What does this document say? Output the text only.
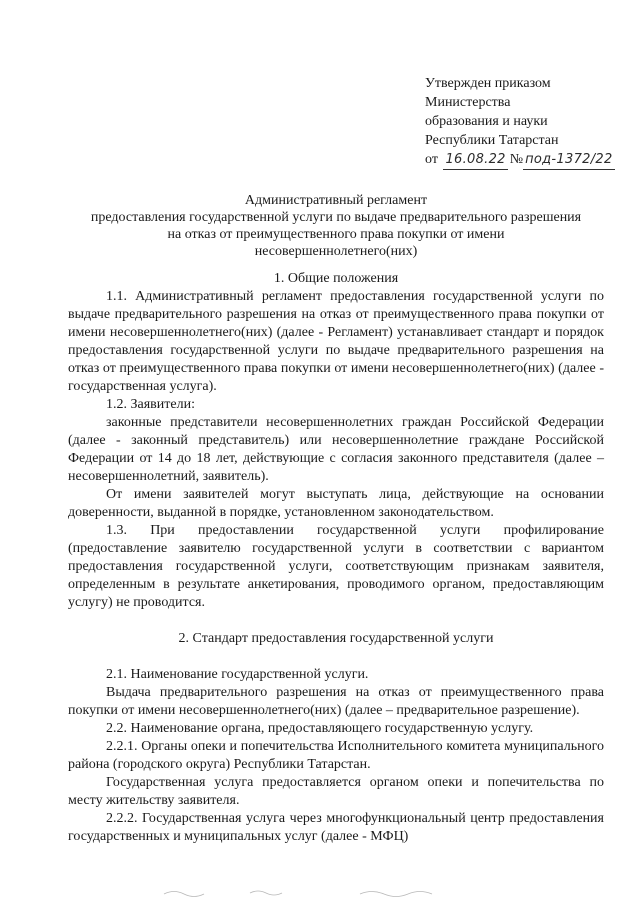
Утвержден приказом
Министерства
образования и науки
Республики Татарстан
от 16.08.22 № под-1372/22
Административный регламент
предоставления государственной услуги по выдаче предварительного разрешения
на отказ от преимущественного права покупки от имени
несовершеннолетнего(них)

1. Общие положения

1.1. Административный регламент предоставления государственной услуги по выдаче предварительного разрешения на отказ от преимущественного права покупки от имени несовершеннолетнего(них) (далее - Регламент) устанавливает стандарт и порядок предоставления государственной услуги по выдаче предварительного разрешения на отказ от преимущественного права покупки от имени несовершеннолетнего(них) (далее - государственная услуга).

1.2. Заявители:

законные представители несовершеннолетних граждан Российской Федерации (далее - законный представитель) или несовершеннолетние граждане Российской Федерации от 14 до 18 лет, действующие с согласия законного представителя (далее – несовершеннолетний, заявитель).

От имени заявителей могут выступать лица, действующие на основании доверенности, выданной в порядке, установленном законодательством.

1.3. При предоставлении государственной услуги профилирование (предоставление заявителю государственной услуги в соответствии с вариантом предоставления государственной услуги, соответствующим признакам заявителя, определенным в результате анкетирования, проводимого органом, предоставляющим услугу) не проводится.

2. Стандарт предоставления государственной услуги

2.1. Наименование государственной услуги.

Выдача предварительного разрешения на отказ от преимущественного права покупки от имени несовершеннолетнего(них) (далее – предварительное разрешение).

2.2. Наименование органа, предоставляющего государственную услугу.

2.2.1. Органы опеки и попечительства Исполнительного комитета муниципального района (городского округа) Республики Татарстан.

Государственная услуга предоставляется органом опеки и попечительства по месту жительству заявителя.

2.2.2. Государственная услуга через многофункциональный центр предоставления государственных и муниципальных услуг (далее - МФЦ)
